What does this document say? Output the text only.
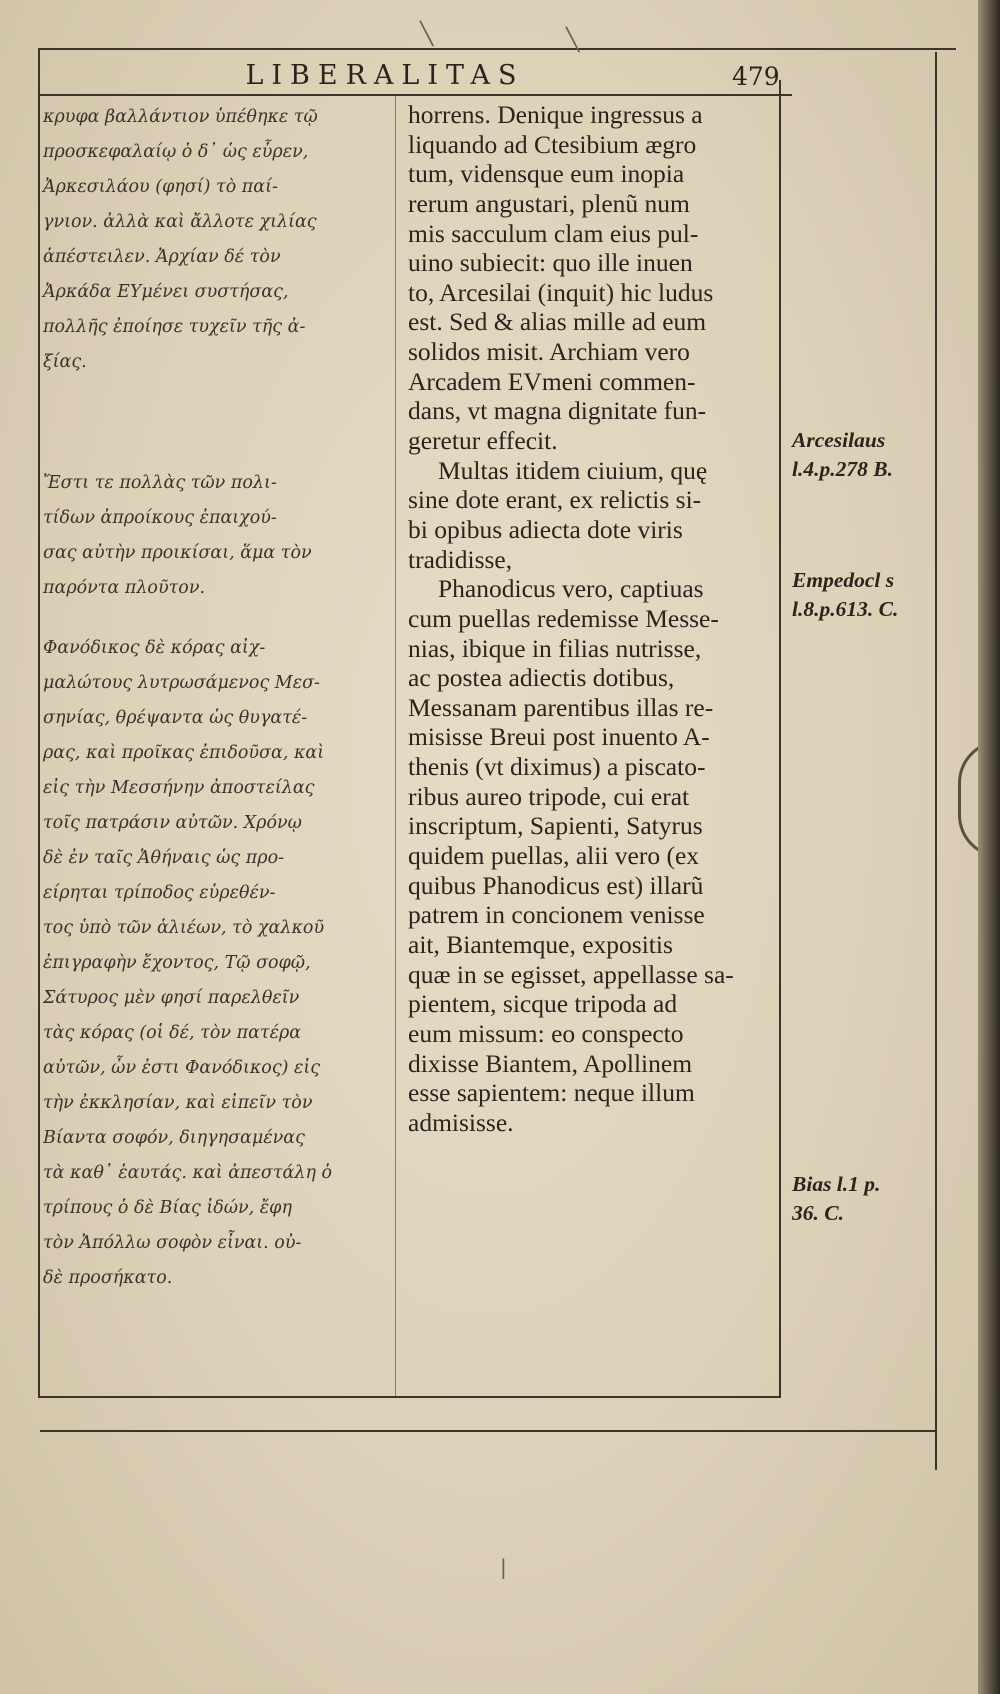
LIBERALITAS	479
κρυφα βαλλάντιον ὑπέθηκε τῷ
προσκεφαλαίῳ ὁ δ᾽ ὡς εὗρεν,
Ἀρκεσιλάου (φησί) τὸ παί-
γνιον. ἀλλὰ καὶ ἄλλοτε χιλίας
ἀπέστειλεν. Ἀρχίαν δέ τὸν
Ἀρκάδα ΕΥμένει συστήσας,
πολλῆς ἐποίησε τυχεῖν τῆς ἀ-
ξίας.
Ἔστι τε πολλὰς τῶν πολι-
τίδων ἀπροίκους ἐπαιχού-
σας αὐτὴν προικίσαι, ἅμα τὸν
παρόντα πλοῦτον.
Φανόδικος δὲ κόρας αἰχ-
μαλώτους λυτρωσάμενος Μεσ-
σηνίας, θρέψαντα ὡς θυγατέ-
ρας, καὶ προῖκας ἐπιδοῦσα, καὶ
εἰς τὴν Μεσσήνην ἀποστείλας
τοῖς πατράσιν αὐτῶν. Χρόνῳ
δὲ ἐν ταῖς Ἀθήναις ὡς προ-
είρηται τρίποδος εὑρεθέν-
τος ὑπὸ τῶν ἁλιέων, τὸ χαλκοῦ
ἐπιγραφὴν ἔχοντος, Τῷ σοφῷ,
Σάτυρος μὲν φησί παρελθεῖν
τὰς κόρας (οἱ δέ, τὸν πατέρα
αὐτῶν, ὧν ἐστι Φανόδικος) εἰς
τὴν ἐκκλησίαν, καὶ εἰπεῖν τὸν
Βίαντα σοφόν, διηγησαμένας
τὰ καθ᾽ ἑαυτάς. καὶ ἀπεστάλη ὁ
τρίπους ὁ δὲ Βίας ἰδών, ἔφη
τὸν Ἀπόλλω σοφὸν εἶναι. οὐ-
δὲ προσήκατο.
horrens. Denique ingressus a
liquando ad Ctesibium ægro
tum, vidensque eum inopia
rerum angustari, plenũ num
mis sacculum clam eius pul-
uino subiecit: quo ille inuen
to, Arcesilai (inquit) hic ludus
est. Sed & alias mille ad eum
solidos misit. Archiam vero
Arcadem EVmeni commen-
dans, vt magna dignitate fun-
geretur effecit.
Multas itidem ciuium, quę
sine dote erant, ex relictis si-
bi opibus adiecta dote viris
tradidisse,
Phanodicus vero, captiuas
cum puellas redemisse Messe-
nias, ibique in filias nutrisse,
ac postea adiectis dotibus,
Messanam parentibus illas re-
misisse Breui post inuento A-
thenis (vt diximus) a piscato-
ribus aureo tripode, cui erat
inscriptum, Sapienti, Satyrus
quidem puellas, alii vero (ex
quibus Phanodicus est) illarũ
patrem in concionem venisse
ait, Biantemque, expositis
quæ in se egisset, appellasse sa-
pientem, sicque tripoda ad
eum missum: eo conspecto
dixisse Biantem, Apollinem
esse sapientem: neque illum
admisisse.
Arcesilaus
l.4.p.278 B.
Empedocl s
l.8.p.613. C.
Bias l.1 p.
36. C.
╲	╲
|
